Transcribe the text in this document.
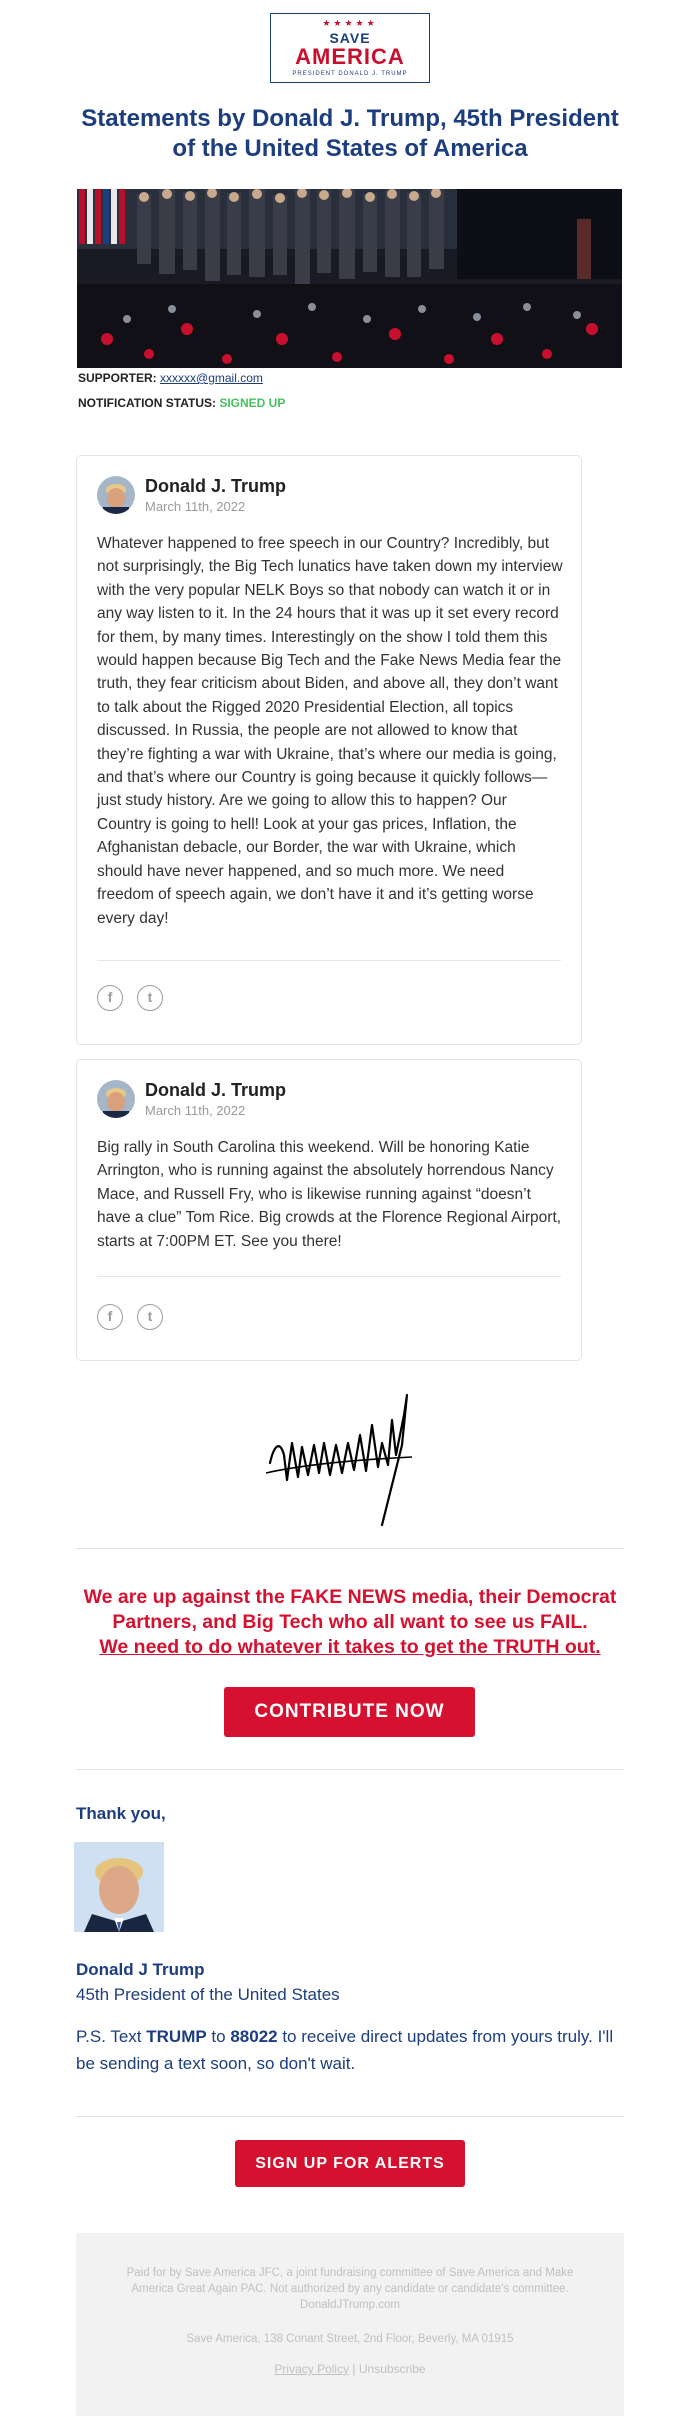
★★★★★
SAVE
AMERICA
PRESIDENT DONALD J. TRUMP
Statements by Donald J. Trump, 45th President of the United States of America
SUPPORTER: xxxxxx@gmail.com
NOTIFICATION STATUS: SIGNED UP
Donald J. Trump
March 11th, 2022

Whatever happened to free speech in our Country? Incredibly, but not surprisingly, the Big Tech lunatics have taken down my interview with the very popular NELK Boys so that nobody can watch it or in any way listen to it. In the 24 hours that it was up it set every record for them, by many times. Interestingly on the show I told them this would happen because Big Tech and the Fake News Media fear the truth, they fear criticism about Biden, and above all, they don’t want to talk about the Rigged 2020 Presidential Election, all topics discussed. In Russia, the people are not allowed to know that they’re fighting a war with Ukraine, that’s where our media is going, and that’s where our Country is going because it quickly follows—just study history. Are we going to allow this to happen? Our Country is going to hell! Look at your gas prices, Inflation, the Afghanistan debacle, our Border, the war with Ukraine, which should have never happened, and so much more. We need freedom of speech again, we don’t have it and it’s getting worse every day!

f	t
Donald J. Trump
March 11th, 2022

Big rally in South Carolina this weekend. Will be honoring Katie Arrington, who is running against the absolutely horrendous Nancy Mace, and Russell Fry, who is likewise running against “doesn’t have a clue” Tom Rice. Big crowds at the Florence Regional Airport, starts at 7:00PM ET. See you there!

f	t
We are up against the FAKE NEWS media, their Democrat
Partners, and Big Tech who all want to see us FAIL.
We need to do whatever it takes to get the TRUTH out.
CONTRIBUTE NOW
Thank you,
Donald J Trump
45th President of the United States
P.S. Text TRUMP to 88022 to receive direct updates from yours truly. I'll be sending a text soon, so don't wait.
SIGN UP FOR ALERTS
Paid for by Save America JFC, a joint fundraising committee of Save America and Make America Great Again PAC. Not authorized by any candidate or candidate's committee. DonaldJTrump.com
Save America, 138 Conant Street, 2nd Floor, Beverly, MA 01915
Privacy Policy | Unsubscribe
